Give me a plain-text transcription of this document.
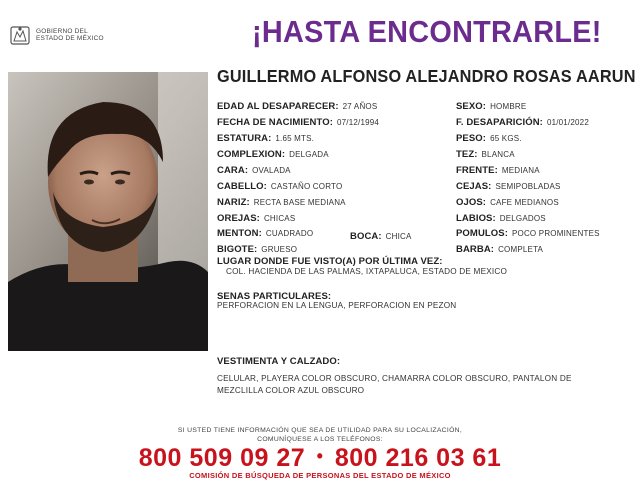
GOBIERNO DEL
ESTADO DE MÉXICO	¡HASTA ENCONTRARLE!
GUILLERMO ALFONSO ALEJANDRO ROSAS AARUN
EDAD AL DESAPARECER: 27 AÑOS
FECHA DE NACIMIENTO: 07/12/1994
ESTATURA: 1.65 MTS.
COMPLEXION: DELGADA
CARA: OVALADA
CABELLO: CASTAÑO CORTO
NARIZ: RECTA BASE MEDIANA
OREJAS: CHICAS
MENTON: CUADRADO	BOCA: CHICA
BIGOTE: GRUESO
SEXO: HOMBRE
F. DESAPARICIÓN: 01/01/2022
PESO: 65 KGS.
TEZ: BLANCA
FRENTE: MEDIANA
CEJAS: SEMIPOBLADAS
OJOS: CAFE MEDIANOS
LABIOS: DELGADOS
POMULOS: POCO PROMINENTES
BARBA: COMPLETA
LUGAR DONDE FUE VISTO(A) POR ÚLTIMA VEZ:
COL. HACIENDA DE LAS PALMAS, IXTAPALUCA, ESTADO DE MEXICO
SENAS PARTICULARES:
PERFORACION EN LA LENGUA, PERFORACION EN PEZON
VESTIMENTA Y CALZADO:
CELULAR, PLAYERA COLOR OBSCURO, CHAMARRA COLOR OBSCURO, PANTALON DE
MEZCLILLA COLOR AZUL OBSCURO
SI USTED TIENE INFORMACIÓN QUE SEA DE UTILIDAD PARA SU LOCALIZACIÓN,
COMUNÍQUESE A LOS TELÉFONOS:
800 509 09 27 • 800 216 03 61
COMISIÓN DE BÚSQUEDA DE PERSONAS DEL ESTADO DE MÉXICO
